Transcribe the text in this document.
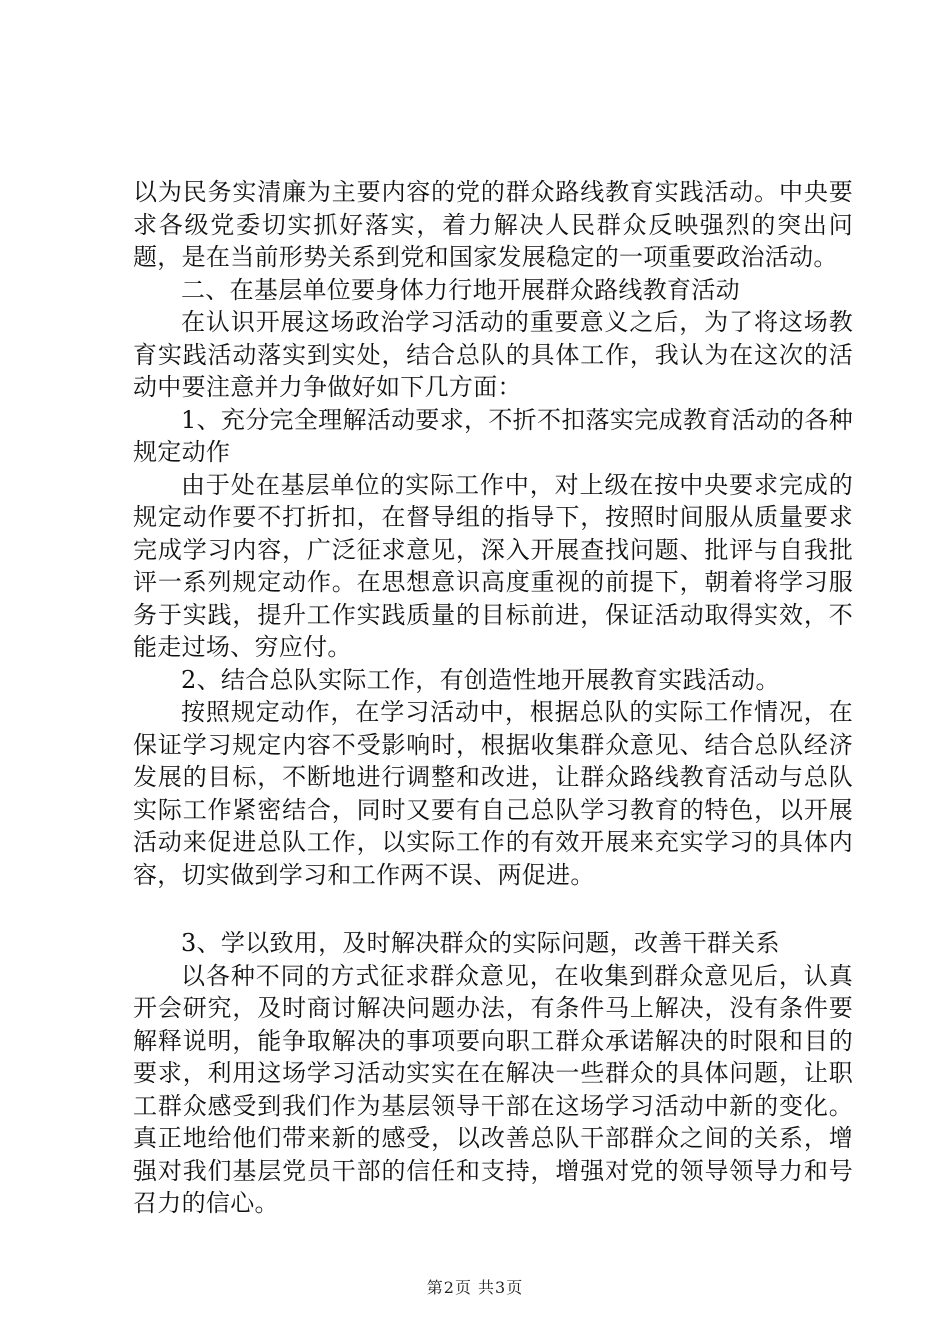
以为民务实清廉为主要内容的党的群众路线教育实践活动。中央要求各级党委切实抓好落实，着力解决人民群众反映强烈的突出问题，是在当前形势关系到党和国家发展稳定的一项重要政治活动。

二、在基层单位要身体力行地开展群众路线教育活动

在认识开展这场政治学习活动的重要意义之后，为了将这场教育实践活动落实到实处，结合总队的具体工作，我认为在这次的活动中要注意并力争做好如下几方面：

1、充分完全理解活动要求，不折不扣落实完成教育活动的各种规定动作

由于处在基层单位的实际工作中，对上级在按中央要求完成的规定动作要不打折扣，在督导组的指导下，按照时间服从质量要求完成学习内容，广泛征求意见，深入开展查找问题、批评与自我批评一系列规定动作。在思想意识高度重视的前提下，朝着将学习服务于实践，提升工作实践质量的目标前进，保证活动取得实效，不能走过场、穷应付。

2、结合总队实际工作，有创造性地开展教育实践活动。

按照规定动作，在学习活动中，根据总队的实际工作情况，在保证学习规定内容不受影响时，根据收集群众意见、结合总队经济发展的目标，不断地进行调整和改进，让群众路线教育活动与总队实际工作紧密结合，同时又要有自己总队学习教育的特色，以开展活动来促进总队工作，以实际工作的有效开展来充实学习的具体内容，切实做到学习和工作两不误、两促进。

3、学以致用，及时解决群众的实际问题，改善干群关系

以各种不同的方式征求群众意见，在收集到群众意见后，认真开会研究，及时商讨解决问题办法，有条件马上解决，没有条件要解释说明，能争取解决的事项要向职工群众承诺解决的时限和目的要求，利用这场学习活动实实在在解决一些群众的具体问题，让职工群众感受到我们作为基层领导干部在这场学习活动中新的变化。真正地给他们带来新的感受，以改善总队干部群众之间的关系，增强对我们基层党员干部的信任和支持，增强对党的领导领导力和号召力的信心。

第2页 共3页
